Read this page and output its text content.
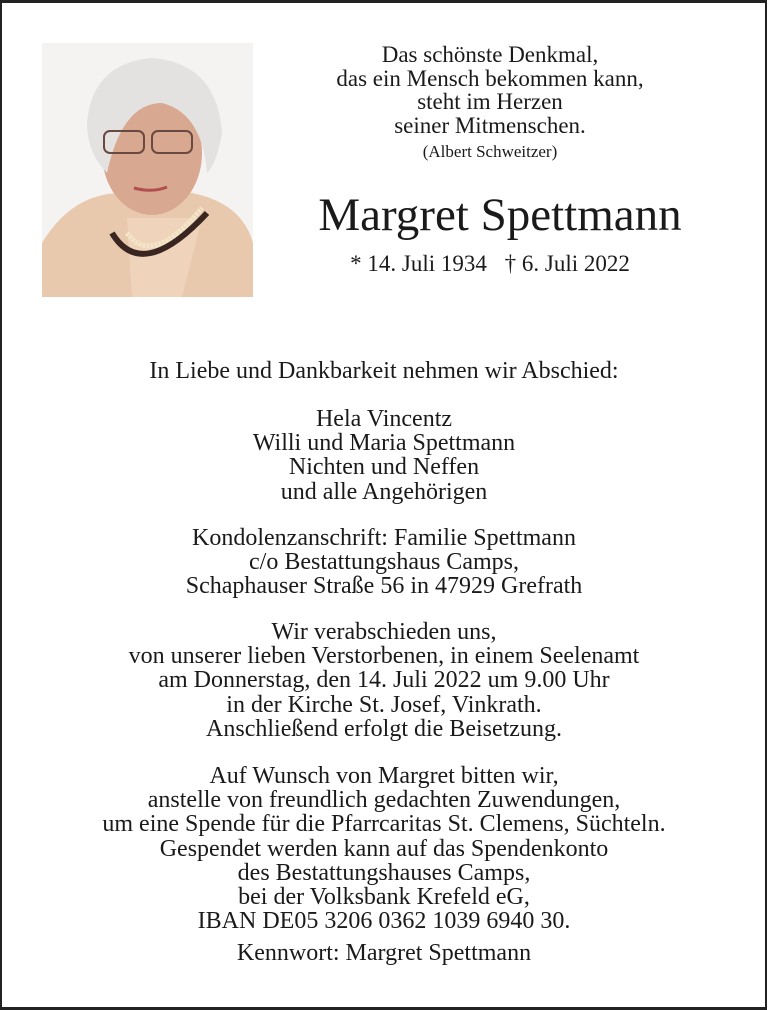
Das schönste Denkmal,
das ein Mensch bekommen kann,
steht im Herzen
seiner Mitmenschen.
(Albert Schweitzer)
Margret Spettmann
* 14. Juli 1934 † 6. Juli 2022
In Liebe und Dankbarkeit nehmen wir Abschied:
Hela Vincentz
Willi und Maria Spettmann
Nichten und Neffen
und alle Angehörigen
Kondolenzanschrift: Familie Spettmann
c/o Bestattungshaus Camps,
Schaphauser Straße 56 in 47929 Grefrath
Wir verabschieden uns,
von unserer lieben Verstorbenen, in einem Seelenamt
am Donnerstag, den 14. Juli 2022 um 9.00 Uhr
in der Kirche St. Josef, Vinkrath.
Anschließend erfolgt die Beisetzung.
Auf Wunsch von Margret bitten wir,
anstelle von freundlich gedachten Zuwendungen,
um eine Spende für die Pfarrcaritas St. Clemens, Süchteln.
Gespendet werden kann auf das Spendenkonto
des Bestattungshauses Camps,
bei der Volksbank Krefeld eG,
IBAN DE05 3206 0362 1039 6940 30.
Kennwort: Margret Spettmann
